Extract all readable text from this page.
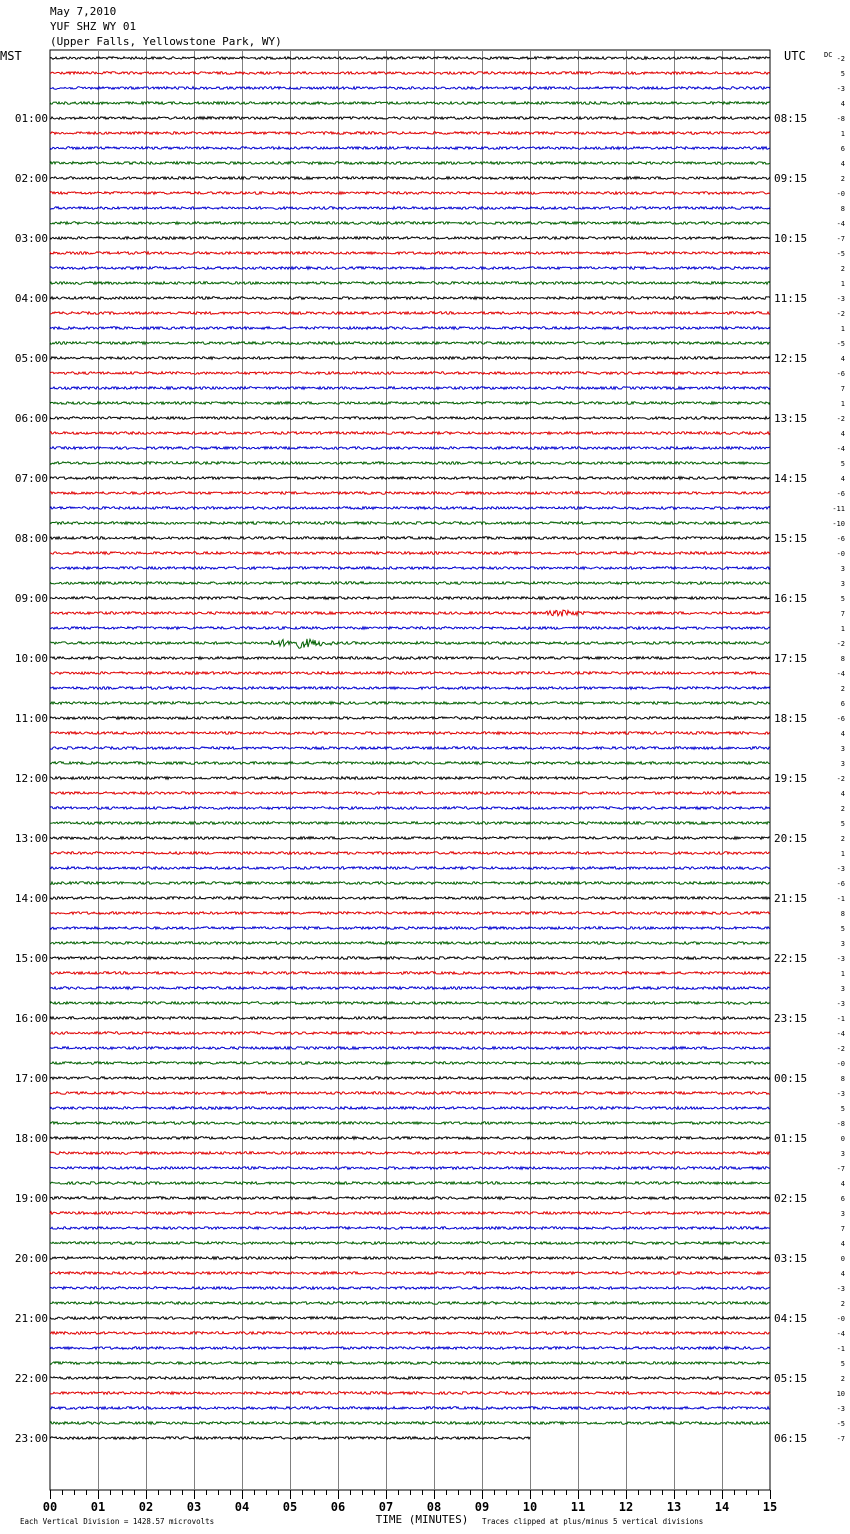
May 7,2010
YUF SHZ WY 01
(Upper Falls, Yellowstone Park, WY)
00	01	02	03	04	05	06	07	08	09	10	11	12	13	14	15
MST	UTC
01:00
02:00
03:00
04:00
05:00
06:00
07:00
08:00
09:00
10:00
11:00
12:00
13:00
14:00
15:00
16:00
17:00
18:00
19:00
20:00
21:00
22:00
23:00
08:15
09:15
10:15
11:15
12:15
13:15
14:15
15:15
16:15
17:15
18:15
19:15
20:15
21:15
22:15
23:15
00:15
01:15
02:15
03:15
04:15
05:15
06:15
DC -2
5
-3
4
-8
1
6
4
2
-0
8
-4
-7
-5
2
1
-3
-2
1
-5
4
-6
7
1
-2
4
-4
5
4
-6
-11
-10
-6
-0
3
3
5
7
1
-2
8
-4
2
6
-6
4
3
3
-2
4
2
5
2
1
-3
-6
-1
8
5
3
-3
1
3
-3
-1
-4
-2
-0
8
-3
5
-8
0
3
-7
4
6
3
7
4
0
4
-3
2
-0
-4
-1
5
2
10
-3
-5
-7
TIME (MINUTES)
Each Vertical Division = 1428.57 microvolts	Traces clipped at plus/minus 5 vertical divisions
